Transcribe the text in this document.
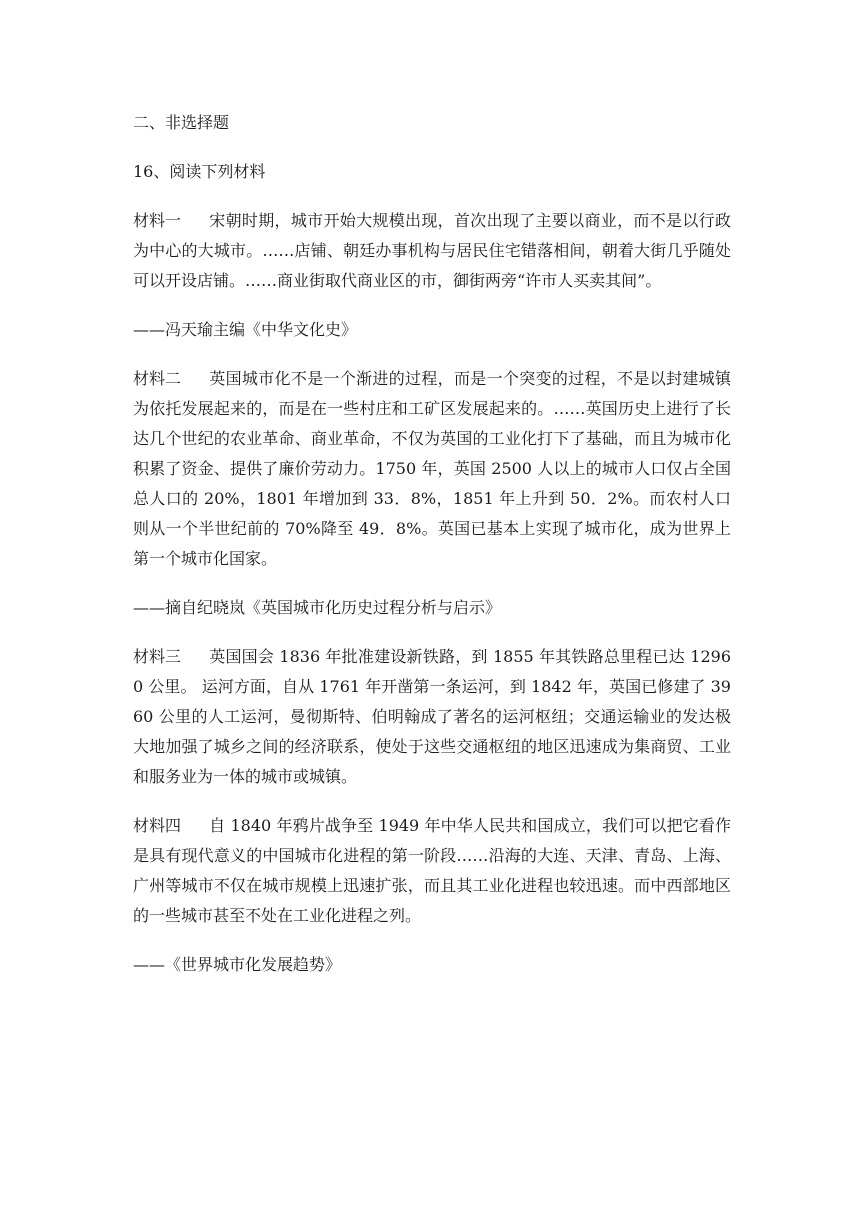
二、非选择题

16、阅读下列材料

材料一 宋朝时期，城市开始大规模出现，首次出现了主要以商业，而不是以行政为中心的大城市。……店铺、朝廷办事机构与居民住宅错落相间，朝着大街几乎随处可以开设店铺。……商业街取代商业区的市，御街两旁“许市人买卖其间”。

——冯天瑜主编《中华文化史》

材料二 英国城市化不是一个渐进的过程，而是一个突变的过程，不是以封建城镇为依托发展起来的，而是在一些村庄和工矿区发展起来的。……英国历史上进行了长达几个世纪的农业革命、商业革命，不仅为英国的工业化打下了基础，而且为城市化积累了资金、提供了廉价劳动力。1750 年，英国 2500 人以上的城市人口仅占全国总人口的 20%，1801 年增加到 33．8%，1851 年上升到 50．2%。而农村人口则从一个半世纪前的 70%降至 49．8%。英国已基本上实现了城市化，成为世界上第一个城市化国家。

——摘自纪晓岚《英国城市化历史过程分析与启示》

材料三 英国国会 1836 年批准建设新铁路，到 1855 年其铁路总里程已达 12960 公里。 运河方面，自从 1761 年开凿第一条运河，到 1842 年，英国已修建了 3960 公里的人工运河，曼彻斯特、伯明翰成了著名的运河枢纽；交通运输业的发达极大地加强了城乡之间的经济联系，使处于这些交通枢纽的地区迅速成为集商贸、工业和服务业为一体的城市或城镇。

材料四 自 1840 年鸦片战争至 1949 年中华人民共和国成立，我们可以把它看作是具有现代意义的中国城市化进程的第一阶段……沿海的大连、天津、青岛、上海、广州等城市不仅在城市规模上迅速扩张，而且其工业化进程也较迅速。而中西部地区的一些城市甚至不处在工业化进程之列。

——《世界城市化发展趋势》
